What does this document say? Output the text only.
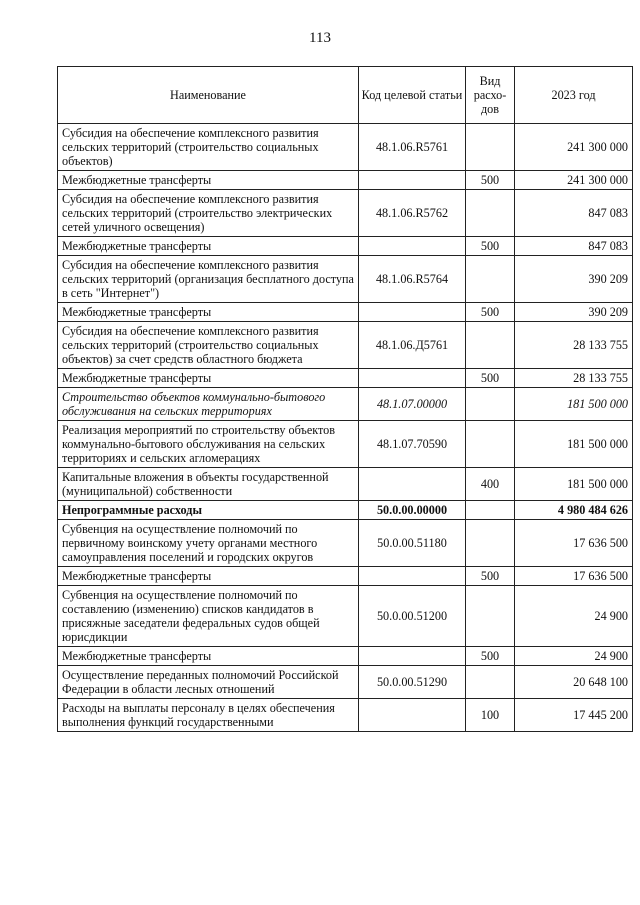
113
Наименование	Код целевой статьи	Вид расхо-дов	2023 год
Субсидия на обеспечение комплексного развития сельских территорий (строительство социальных объектов)	48.1.06.R5761		241 300 000
Межбюджетные трансферты		500	241 300 000
Субсидия на обеспечение комплексного развития сельских территорий (строительство электрических сетей уличного освещения)	48.1.06.R5762		847 083
Межбюджетные трансферты		500	847 083
Субсидия на обеспечение комплексного развития сельских территорий (организация бесплатного доступа в сеть "Интернет")	48.1.06.R5764		390 209
Межбюджетные трансферты		500	390 209
Субсидия на обеспечение комплексного развития сельских территорий (строительство социальных объектов) за счет средств областного бюджета	48.1.06.Д5761		28 133 755
Межбюджетные трансферты		500	28 133 755
Строительство объектов коммунально-бытового обслуживания на сельских территориях	48.1.07.00000		181 500 000
Реализация мероприятий по строительству объектов коммунально-бытового обслуживания на сельских территориях и сельских агломерациях	48.1.07.70590		181 500 000
Капитальные вложения в объекты государственной (муниципальной) собственности		400	181 500 000
Непрограммные расходы	50.0.00.00000		4 980 484 626
Субвенция на осуществление полномочий по первичному воинскому учету органами местного самоуправления поселений и городских округов	50.0.00.51180		17 636 500
Межбюджетные трансферты		500	17 636 500
Субвенция на осуществление полномочий по составлению (изменению) списков кандидатов в присяжные заседатели федеральных судов общей юрисдикции	50.0.00.51200		24 900
Межбюджетные трансферты		500	24 900
Осуществление переданных полномочий Российской Федерации в области лесных отношений	50.0.00.51290		20 648 100
Расходы на выплаты персоналу в целях обеспечения выполнения функций государственными		100	17 445 200
